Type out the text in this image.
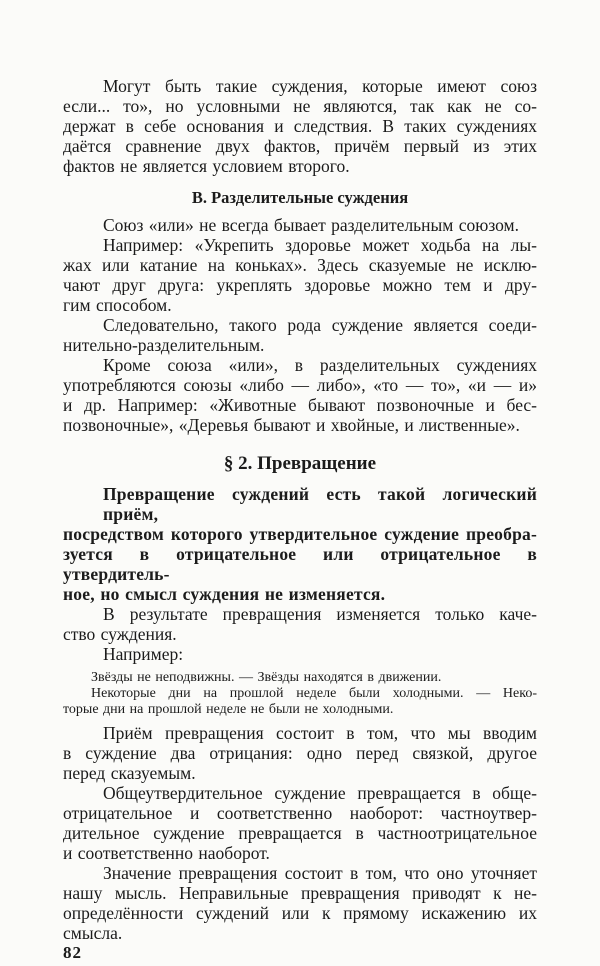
Могут быть такие суждения, которые имеют союз
если... то», но условными не являются, так как не со-
держат в себе основания и следствия. В таких суждениях
даётся сравнение двух фактов, причём первый из этих
фактов не является условием второго.
В. Разделительные суждения
Союз «или» не всегда бывает разделительным союзом.
Например: «Укрепить здоровье может ходьба на лы-
жах или катание на коньках». Здесь сказуемые не исклю-
чают друг друга: укреплять здоровье можно тем и дру-
гим способом.
Следовательно, такого рода суждение является соеди-
нительно-разделительным.
Кроме союза «или», в разделительных суждениях
употребляются союзы «либо — либо», «то — то», «и — и»
и др. Например: «Животные бывают позвоночные и бес-
позвоночные», «Деревья бывают и хвойные, и лиственные».
§ 2. Превращение
Превращение суждений есть такой логический приём,
посредством которого утвердительное суждение преобра-
зуется в отрицательное или отрицательное в утвердитель-
ное, но смысл суждения не изменяется.
В результате превращения изменяется только каче-
ство суждения.
Например:
Звёзды не неподвижны. — Звёзды находятся в движении.
Некоторые дни на прошлой неделе были холодными. — Неко-
торые дни на прошлой неделе не были не холодными.
Приём превращения состоит в том, что мы вводим
в суждение два отрицания: одно перед связкой, другое
перед сказуемым.
Общеутвердительное суждение превращается в обще-
отрицательное и соответственно наоборот: частноутвер-
дительное суждение превращается в частноотрицательное
и соответственно наоборот.
Значение превращения состоит в том, что оно уточняет
нашу мысль. Неправильные превращения приводят к не-
определённости суждений или к прямому искажению их
смысла.
82
